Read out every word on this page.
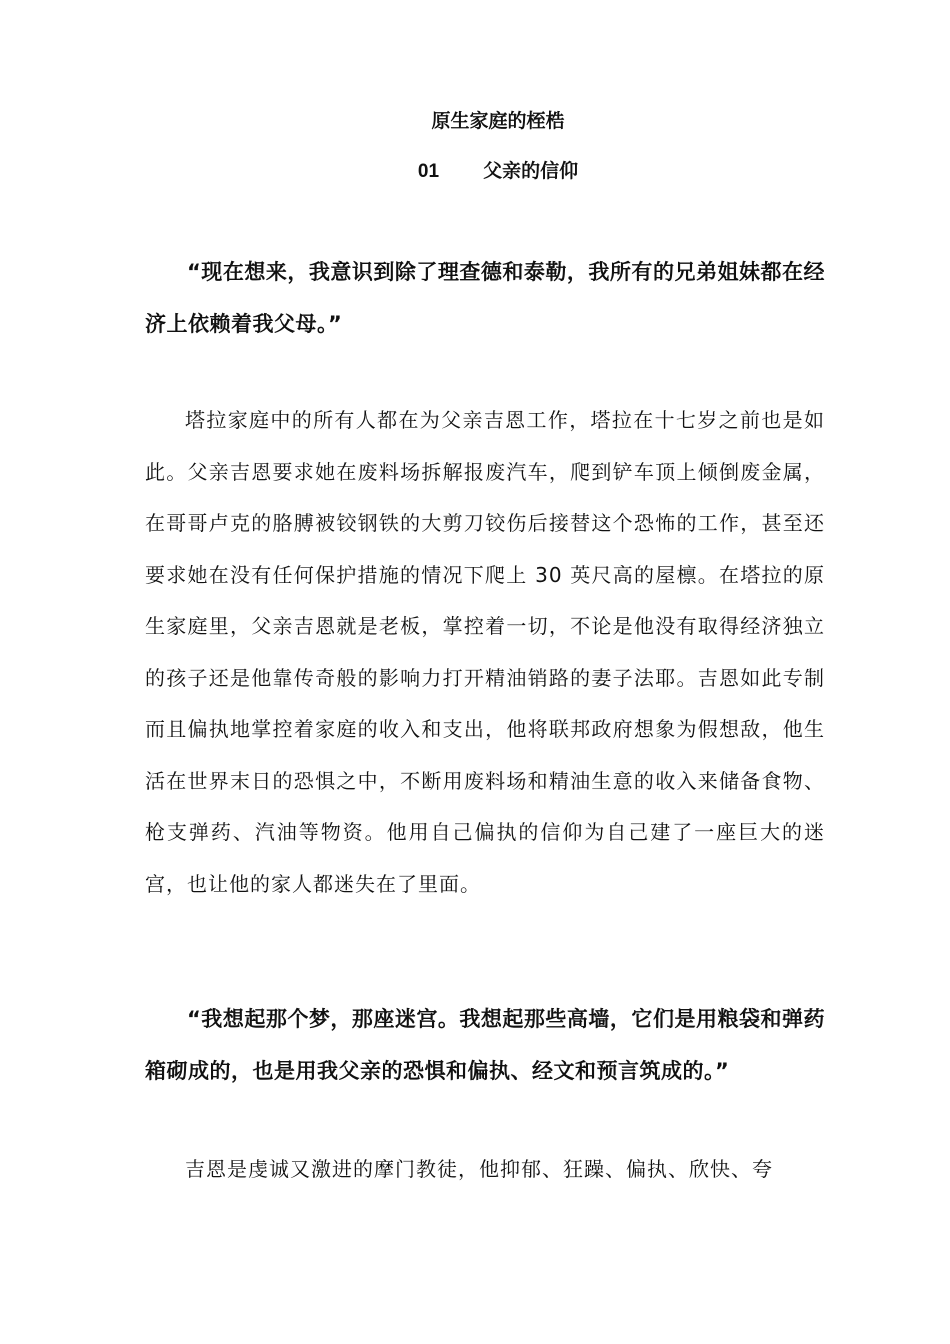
原生家庭的桎梏
01 父亲的信仰

“现在想来，我意识到除了理查德和泰勒，我所有的兄弟姐妹都在经济上依赖着我父母。”

塔拉家庭中的所有人都在为父亲吉恩工作，塔拉在十七岁之前也是如此。父亲吉恩要求她在废料场拆解报废汽车，爬到铲车顶上倾倒废金属，在哥哥卢克的胳膊被铰钢铁的大剪刀铰伤后接替这个恐怖的工作，甚至还要求她在没有任何保护措施的情况下爬上 30 英尺高的屋檩。在塔拉的原生家庭里，父亲吉恩就是老板，掌控着一切，不论是他没有取得经济独立的孩子还是他靠传奇般的影响力打开精油销路的妻子法耶。吉恩如此专制而且偏执地掌控着家庭的收入和支出，他将联邦政府想象为假想敌，他生活在世界末日的恐惧之中，不断用废料场和精油生意的收入来储备食物、枪支弹药、汽油等物资。他用自己偏执的信仰为自己建了一座巨大的迷宫，也让他的家人都迷失在了里面。

“我想起那个梦，那座迷宫。我想起那些高墙，它们是用粮袋和弹药箱砌成的，也是用我父亲的恐惧和偏执、经文和预言筑成的。”

吉恩是虔诚又激进的摩门教徒，他抑郁、狂躁、偏执、欣快、夸
